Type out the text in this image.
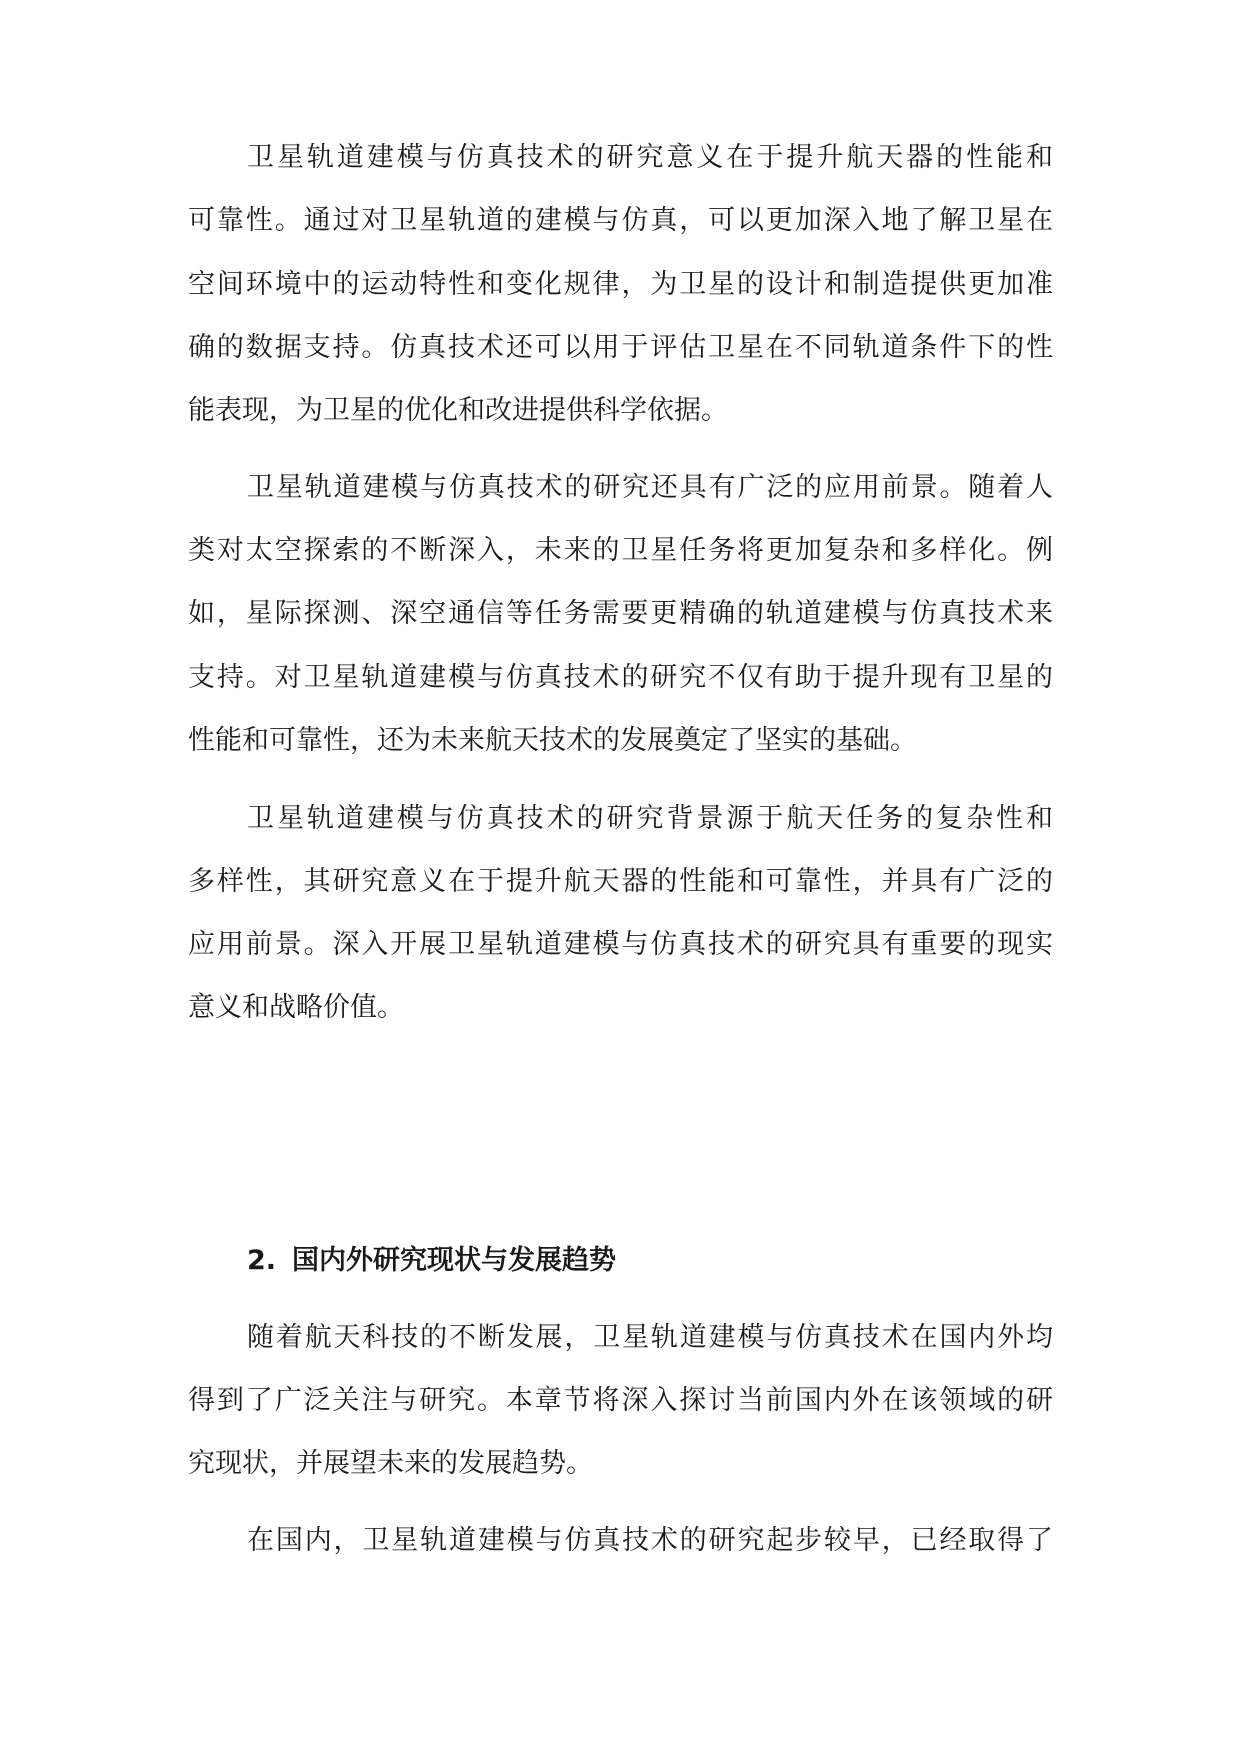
卫星轨道建模与仿真技术的研究意义在于提升航天器的性能和
可靠性。通过对卫星轨道的建模与仿真，可以更加深入地了解卫星在
空间环境中的运动特性和变化规律，为卫星的设计和制造提供更加准
确的数据支持。仿真技术还可以用于评估卫星在不同轨道条件下的性
能表现，为卫星的优化和改进提供科学依据。
卫星轨道建模与仿真技术的研究还具有广泛的应用前景。随着人
类对太空探索的不断深入，未来的卫星任务将更加复杂和多样化。例
如，星际探测、深空通信等任务需要更精确的轨道建模与仿真技术来
支持。对卫星轨道建模与仿真技术的研究不仅有助于提升现有卫星的
性能和可靠性，还为未来航天技术的发展奠定了坚实的基础。
卫星轨道建模与仿真技术的研究背景源于航天任务的复杂性和
多样性，其研究意义在于提升航天器的性能和可靠性，并具有广泛的
应用前景。深入开展卫星轨道建模与仿真技术的研究具有重要的现实
意义和战略价值。
2. 国内外研究现状与发展趋势
随着航天科技的不断发展，卫星轨道建模与仿真技术在国内外均
得到了广泛关注与研究。本章节将深入探讨当前国内外在该领域的研
究现状，并展望未来的发展趋势。
在国内，卫星轨道建模与仿真技术的研究起步较早，已经取得了
